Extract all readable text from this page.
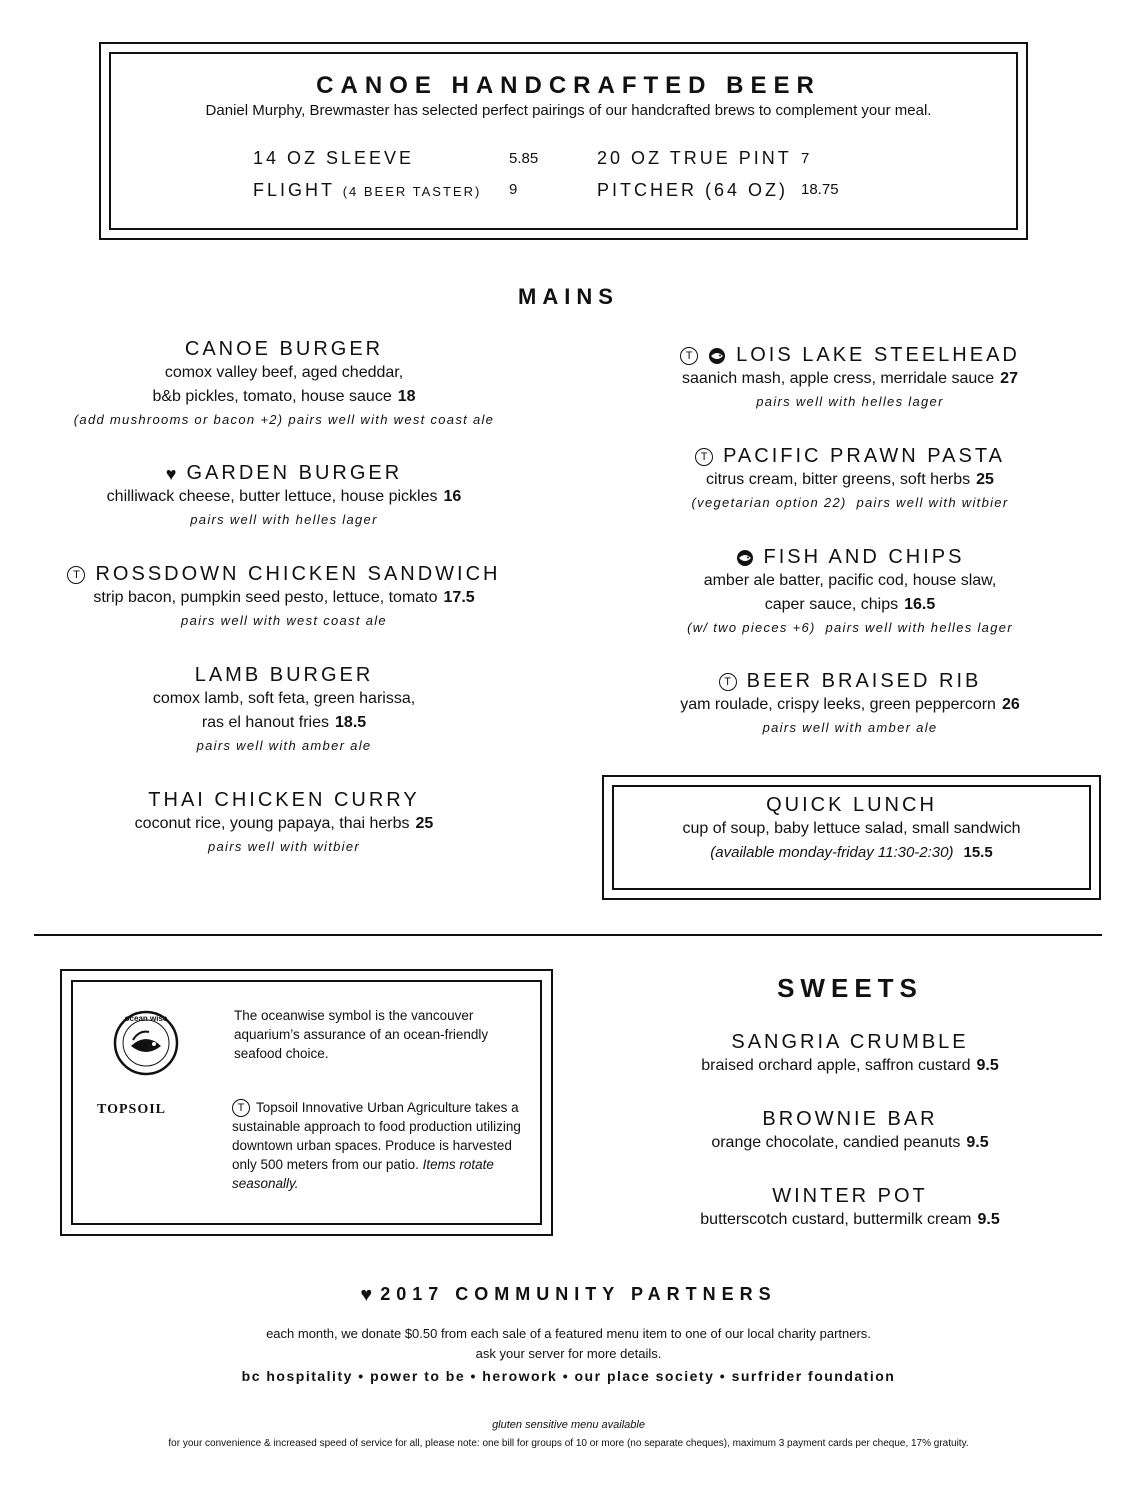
CANOE HANDCRAFTED BEER
Daniel Murphy, Brewmaster has selected perfect pairings of our handcrafted brews to complement your meal.
14 OZ SLEEVE	5.85	20 OZ TRUE PINT 7
FLIGHT (4 BEER TASTER) 9	PITCHER (64 OZ) 18.75
MAINS
CANOE BURGER
comox valley beef, aged cheddar,
b&b pickles, tomato, house sauce 18
(add mushrooms or bacon +2) pairs well with west coast ale
♥ GARDEN BURGER
chilliwack cheese, butter lettuce, house pickles 16
pairs well with helles lager
T ROSSDOWN CHICKEN SANDWICH
strip bacon, pumpkin seed pesto, lettuce, tomato 17.5
pairs well with west coast ale
LAMB BURGER
comox lamb, soft feta, green harissa,
ras el hanout fries 18.5
pairs well with amber ale
THAI CHICKEN CURRY
coconut rice, young papaya, thai herbs 25
pairs well with witbier
T LOIS LAKE STEELHEAD
saanich mash, apple cress, merridale sauce 27
pairs well with helles lager
T PACIFIC PRAWN PASTA
citrus cream, bitter greens, soft herbs 25
(vegetarian option 22) pairs well with witbier
FISH AND CHIPS
amber ale batter, pacific cod, house slaw,
caper sauce, chips 16.5
(w/ two pieces +6) pairs well with helles lager
T BEER BRAISED RIB
yam roulade, crispy leeks, green peppercorn 26
pairs well with amber ale
QUICK LUNCH
cup of soup, baby lettuce salad, small sandwich
(available monday-friday 11:30-2:30) 15.5
ocean wise	The oceanwise symbol is the vancouver aquarium’s assurance of an ocean-friendly seafood choice.
TOPSOIL	T Topsoil Innovative Urban Agriculture takes a sustainable approach to food production utilizing downtown urban spaces. Produce is harvested only 500 meters from our patio. Items rotate seasonally.
SWEETS
SANGRIA CRUMBLE
braised orchard apple, saffron custard 9.5
BROWNIE BAR
orange chocolate, candied peanuts 9.5
WINTER POT
butterscotch custard, buttermilk cream 9.5
♥ 2017 COMMUNITY PARTNERS
each month, we donate $0.50 from each sale of a featured menu item to one of our local charity partners.
ask your server for more details.
bc hospitality • power to be • herowork • our place society • surfrider foundation
gluten sensitive menu available
for your convenience & increased speed of service for all, please note: one bill for groups of 10 or more (no separate cheques), maximum 3 payment cards per cheque, 17% gratuity.
